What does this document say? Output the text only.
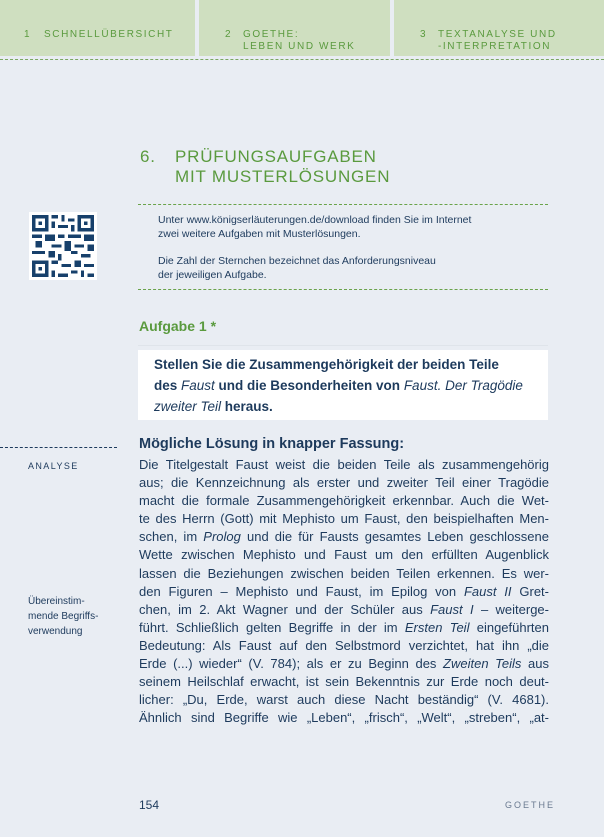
1 SCHNELLÜBERSICHT	2 GOETHE:
LEBEN UND WERK
3 TEXTANALYSE UND
-INTERPRETATION
6. PRÜFUNGSAUFGABEN
MIT MUSTERLÖSUNGEN

Unter www.königserläuterungen.de/download finden Sie im Internet
zwei weitere Aufgaben mit Musterlösungen.

Die Zahl der Sternchen bezeichnet das Anforderungsniveau
der jeweiligen Aufgabe.

Aufgabe 1 *
Stellen Sie die Zusammengehörigkeit der beiden Teile
des Faust und die Besonderheiten von Faust. Der Tragödie
zweiter Teil heraus.
ANALYSE
Übereinstim-
mende Begriffs-
verwendung
Mögliche Lösung in knapper Fassung:
Die Titelgestalt Faust weist die beiden Teile als zusammengehörig
aus; die Kennzeichnung als erster und zweiter Teil einer Tragödie
macht die formale Zusammengehörigkeit erkennbar. Auch die Wet-
te des Herrn (Gott) mit Mephisto um Faust, den beispielhaften Men-
schen, im Prolog und die für Fausts gesamtes Leben geschlossene
Wette zwischen Mephisto und Faust um den erfüllten Augenblick
lassen die Beziehungen zwischen beiden Teilen erkennen. Es wer-
den Figuren – Mephisto und Faust, im Epilog von Faust II Gret-
chen, im 2. Akt Wagner und der Schüler aus Faust I – weiterge-
führt. Schließlich gelten Begriffe in der im Ersten Teil eingeführten
Bedeutung: Als Faust auf den Selbstmord verzichtet, hat ihn „die
Erde (...) wieder“ (V. 784); als er zu Beginn des Zweiten Teils aus
seinem Heilschlaf erwacht, ist sein Bekenntnis zur Erde noch deut-
licher: „Du, Erde, warst auch diese Nacht beständig“ (V. 4681).
Ähnlich sind Begriffe wie „Leben“, „frisch“, „Welt“, „streben“, „at-
154	GOETHE
